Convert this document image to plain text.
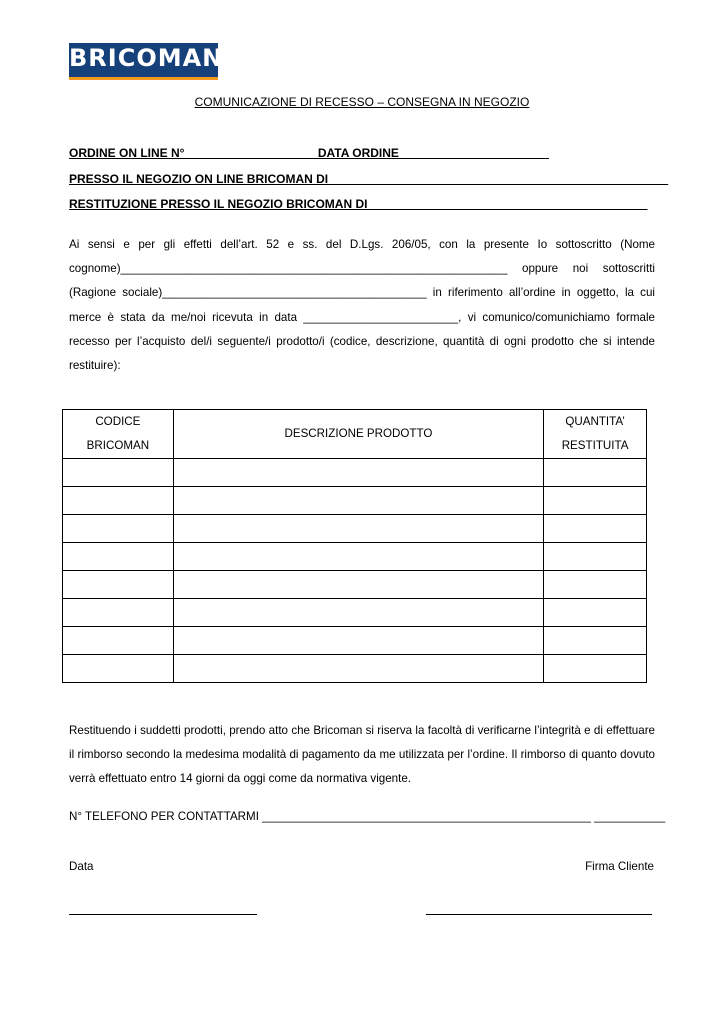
BRICOMAN
COMUNICAZIONE DI RECESSO – CONSEGNA IN NEGOZIO
ORDINE ON LINE N°                                        DATA ORDINE
PRESSO IL NEGOZIO ON LINE BRICOMAN DI
RESTITUZIONE PRESSO IL NEGOZIO BRICOMAN DI
Ai sensi e per gli effetti dell’art. 52 e ss. del D.Lgs. 206/05, con la presente Io sottoscritto (Nome cognome)____________________________________________________________ oppure noi sottoscritti (Ragione sociale)_________________________________________ in riferimento all’ordine in oggetto, la cui merce è stata da me/noi ricevuta in data ________________________, vi comunico/comunichiamo formale recesso per l’acquisto del/i seguente/i prodotto/i (codice, descrizione, quantità di ogni prodotto che si intende restituire):
CODICE BRICOMAN	DESCRIZIONE PRODOTTO	QUANTITA’ RESTITUITA

Restituendo i suddetti prodotti, prendo atto che Bricoman si riserva la facoltà di verificarne l’integrità e di effettuare il rimborso secondo la medesima modalità di pagamento da me utilizzata per l’ordine. Il rimborso di quanto dovuto verrà effettuato entro 14 giorni da oggi come da normativa vigente.
N° TELEFONO PER CONTATTARMI ___________________________________________________ ___________
Data	Firma Cliente
